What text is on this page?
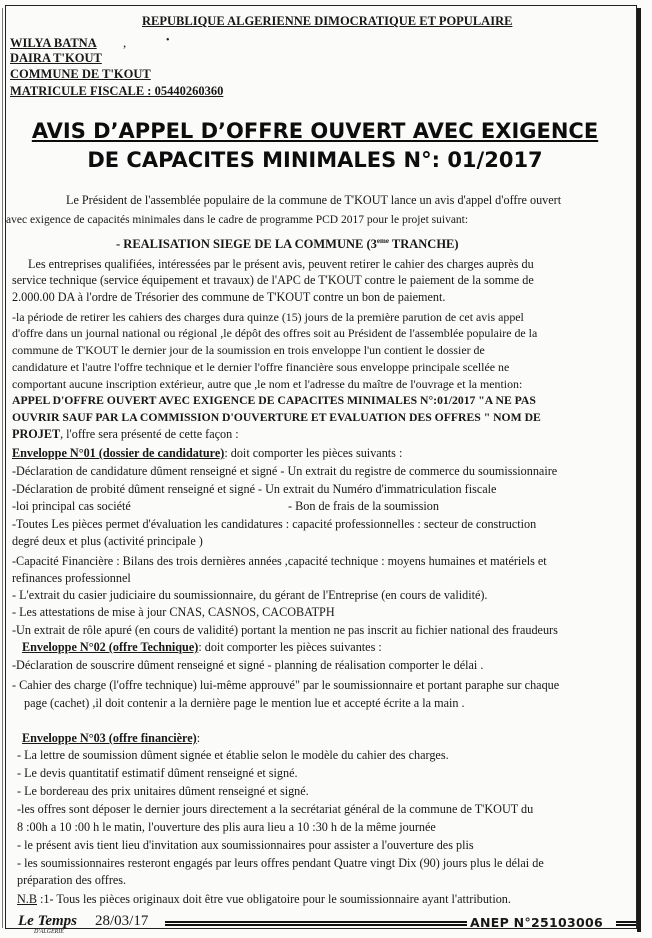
REPUBLIQUE ALGERIENNE DIMOCRATIQUE ET POPULAIRE
WILYA BATNA ,	•
DAIRA T'KOUT
COMMUNE DE T'KOUT
MATRICULE FISCALE : 05440260360
AVIS D’APPEL D’OFFRE OUVERT AVEC EXIGENCE
DE CAPACITES MINIMALES N°: 01/2017
Le Président de l'assemblée populaire de la commune de T'KOUT lance un avis d'appel d'offre ouvert
avec exigence de capacités minimales dans le cadre de programme PCD 2017 pour le projet suivant:
- REALISATION SIEGE DE LA COMMUNE (3eme TRANCHE)
Les entreprises qualifiées, intéressées par le présent avis, peuvent retirer le cahier des charges auprès du
service technique (service équipement et travaux) de l'APC de T'KOUT contre le paiement de la somme de
2.000.00 DA à l'ordre de Trésorier des commune de T'KOUT contre un bon de paiement.
-la période de retirer les cahiers des charges dura quinze (15) jours de la première parution de cet avis appel
d'offre dans un journal national ou régional ,le dépôt des offres soit au Président de l'assemblée populaire de la
commune de T'KOUT le dernier jour de la soumission en trois enveloppe l'un contient le dossier de
candidature et l'autre l'offre technique et le dernier l'offre financière sous enveloppe principale scellée ne
comportant aucune inscription extérieur, autre que ,le nom et l'adresse du maître de l'ouvrage et la mention:
APPEL D'OFFRE OUVERT AVEC EXIGENCE DE CAPACITES MINIMALES N°:01/2017 "A NE PAS
OUVRIR SAUF PAR LA COMMISSION D'OUVERTURE ET EVALUATION DES OFFRES " NOM DE
PROJET, l'offre sera présenté de cette façon :
Enveloppe N°01 (dossier de candidature): doit comporter les pièces suivants :
-Déclaration de candidature dûment renseigné et signé - Un extrait du registre de commerce du soumissionnaire
-Déclaration de probité dûment renseigné et signé - Un extrait du Numéro d'immatriculation fiscale
-loi principal cas société	- Bon de frais de la soumission
-Toutes Les pièces permet d'évaluation les candidatures : capacité professionnelles : secteur de construction
degré deux et plus (activité principale )
-Capacité Financière : Bilans des trois dernières années ,capacité technique : moyens humaines et matériels et
refinances professionnel
- L'extrait du casier judiciaire du soumissionnaire, du gérant de l'Entreprise (en cours de validité).
- Les attestations de mise à jour CNAS, CASNOS, CACOBATPH
-Un extrait de rôle apuré (en cours de validité) portant la mention ne pas inscrit au fichier national des fraudeurs
Enveloppe N°02 (offre Technique): doit comporter les pièces suivantes :
-Déclaration de souscrire dûment renseigné et signé - planning de réalisation comporter le délai .
- Cahier des charge (l'offre technique) lui-même approuvé" par le soumissionnaire et portant paraphe sur chaque
page (cachet) ,il doit contenir a la dernière page le mention lue et accepté écrite a la main .
Enveloppe N°03 (offre financière):
- La lettre de soumission dûment signée et établie selon le modèle du cahier des charges.
- Le devis quantitatif estimatif dûment renseigné et signé.
- Le bordereau des prix unitaires dûment renseigné et signé.
-les offres sont déposer le dernier jours directement a la secrétariat général de la commune de T'KOUT du
8 :00h a 10 :00 h le matin, l'ouverture des plis aura lieu a 10 :30 h de la même journée
- le présent avis tient lieu d'invitation aux soumissionnaires pour assister a l'ouverture des plis
- les soumissionnaires resteront engagés par leurs offres pendant Quatre vingt Dix (90) jours plus le délai de
préparation des offres.
N.B :1- Tous les pièces originaux doit être vue obligatoire pour le soumissionnaire ayant l'attribution.
Le Temps
D'ALGERIE
28/03/17	ANEP N°25103006
